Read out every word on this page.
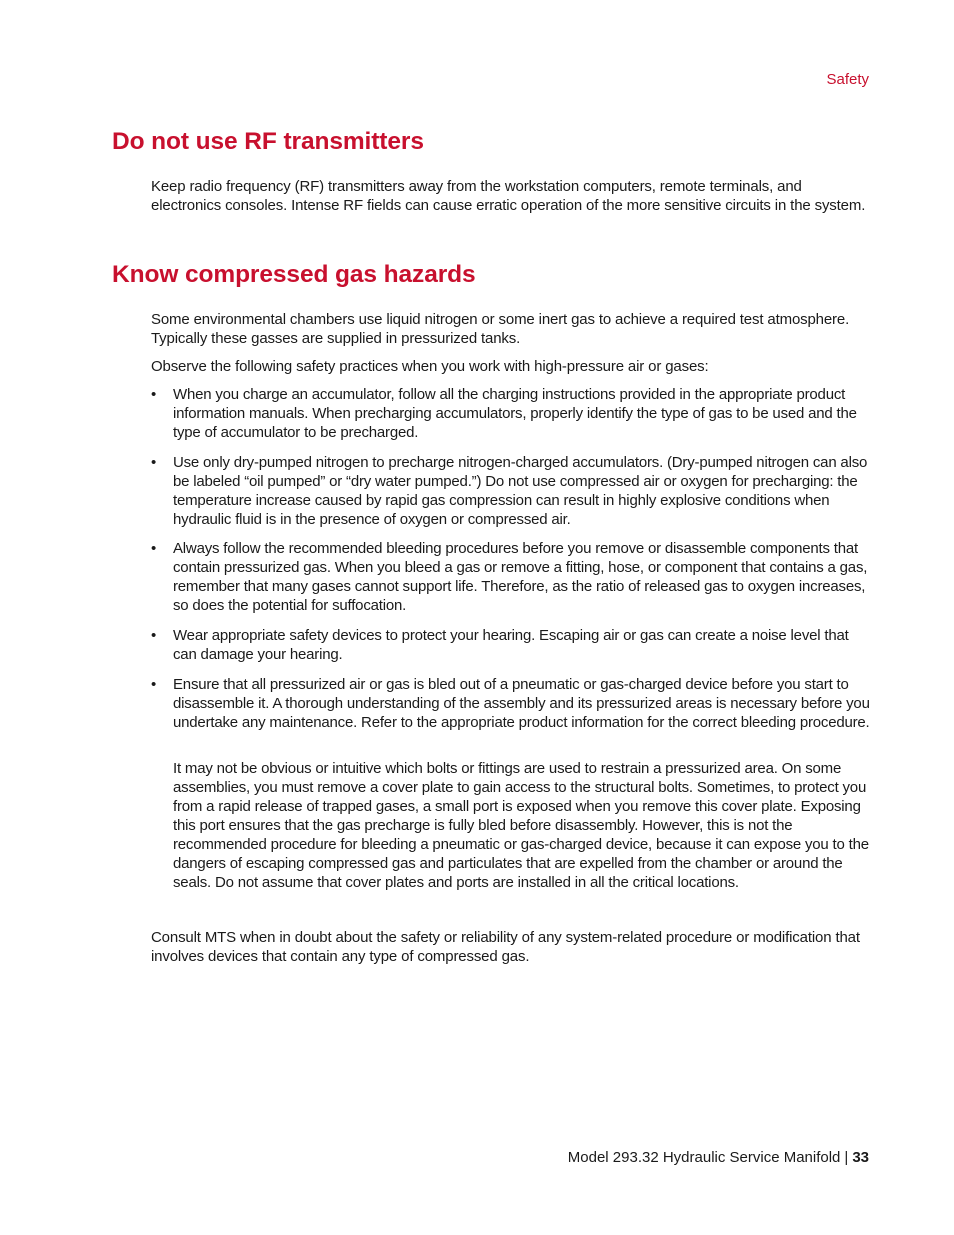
Safety
Do not use RF transmitters

Keep radio frequency (RF) transmitters away from the workstation computers, remote terminals, and electronics consoles. Intense RF fields can cause erratic operation of the more sensitive circuits in the system.

Know compressed gas hazards

Some environmental chambers use liquid nitrogen or some inert gas to achieve a required test atmosphere. Typically these gasses are supplied in pressurized tanks.

Observe the following safety practices when you work with high-pressure air or gases:

• When you charge an accumulator, follow all the charging instructions provided in the appropriate product information manuals. When precharging accumulators, properly identify the type of gas to be used and the type of accumulator to be precharged.

• Use only dry-pumped nitrogen to precharge nitrogen-charged accumulators. (Dry-pumped nitrogen can also be labeled “oil pumped” or “dry water pumped.”) Do not use compressed air or oxygen for precharging: the temperature increase caused by rapid gas compression can result in highly explosive conditions when hydraulic fluid is in the presence of oxygen or compressed air.

• Always follow the recommended bleeding procedures before you remove or disassemble components that contain pressurized gas. When you bleed a gas or remove a fitting, hose, or component that contains a gas, remember that many gases cannot support life. Therefore, as the ratio of released gas to oxygen increases, so does the potential for suffocation.

• Wear appropriate safety devices to protect your hearing. Escaping air or gas can create a noise level that can damage your hearing.

• Ensure that all pressurized air or gas is bled out of a pneumatic or gas-charged device before you start to disassemble it. A thorough understanding of the assembly and its pressurized areas is necessary before you undertake any maintenance. Refer to the appropriate product information for the correct bleeding procedure.

It may not be obvious or intuitive which bolts or fittings are used to restrain a pressurized area. On some assemblies, you must remove a cover plate to gain access to the structural bolts. Sometimes, to protect you from a rapid release of trapped gases, a small port is exposed when you remove this cover plate. Exposing this port ensures that the gas precharge is fully bled before disassembly. However, this is not the recommended procedure for bleeding a pneumatic or gas-charged device, because it can expose you to the dangers of escaping compressed gas and particulates that are expelled from the chamber or around the seals. Do not assume that cover plates and ports are installed in all the critical locations.

Consult MTS when in doubt about the safety or reliability of any system-related procedure or modification that involves devices that contain any type of compressed gas.

Model 293.32 Hydraulic Service Manifold | 33
